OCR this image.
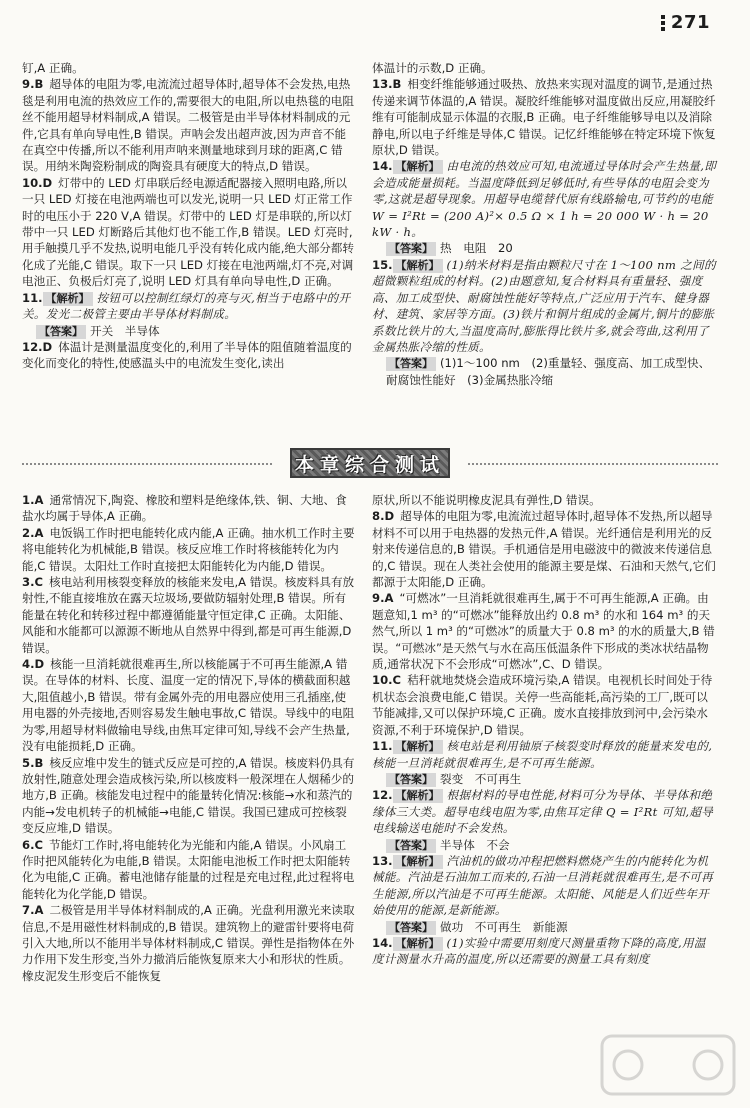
271

钉,A 正确。

9.B 超导体的电阻为零,电流流过超导体时,超导体不会发热,电热毯是利用电流的热效应工作的,需要很大的电阻,所以电热毯的电阻丝不能用超导材料制成,A 错误。二极管是由半导体材料制成的元件,它具有单向导电性,B 错误。声呐会发出超声波,因为声音不能在真空中传播,所以不能利用声呐来测量地球到月球的距离,C 错误。用纳米陶瓷粉制成的陶瓷具有硬度大的特点,D 错误。

10.D 灯带中的 LED 灯串联后经电源适配器接入照明电路,所以一只 LED 灯接在电池两端也可以发光,说明一只 LED 灯正常工作时的电压小于 220 V,A 错误。灯带中的 LED 灯是串联的,所以灯带中一只 LED 灯断路后其他灯也不能工作,B 错误。LED 灯亮时,用手触摸几乎不发热,说明电能几乎没有转化成内能,绝大部分都转化成了光能,C 错误。取下一只 LED 灯接在电池两端,灯不亮,对调电池正、负极后灯亮了,说明 LED 灯具有单向导电性,D 正确。

11. 【解析】 按钮可以控制红绿灯的亮与灭,相当于电路中的开关。发光二极管主要由半导体材料制成。

【答案】 开关　半导体

12.D 体温计是测量温度变化的,利用了半导体的阻值随着温度的变化而变化的特性,使感温头中的电流发生变化,读出

体温计的示数,D 正确。

13.B 相变纤维能够通过吸热、放热来实现对温度的调节,是通过热传递来调节体温的,A 错误。凝胶纤维能够对温度做出反应,用凝胶纤维有可能制成显示体温的衣服,B 正确。电子纤维能够导电以及消除静电,所以电子纤维是导体,C 错误。记忆纤维能够在特定环境下恢复原状,D 错误。

14. 【解析】 由电流的热效应可知,电流通过导体时会产生热量,即会造成能量损耗。当温度降低到足够低时,有些导体的电阻会变为零,这就是超导现象。用超导电缆替代原有线路输电,可节约的电能 W = I²Rt = (200 A)²× 0.5 Ω × 1 h = 20 000 W · h = 20 kW · h。

【答案】 热　电阻　20

15. 【解析】 (1)纳米材料是指由颗粒尺寸在 1～100 nm 之间的超微颗粒组成的材料。(2)由题意知,复合材料具有重量轻、强度高、加工成型快、耐腐蚀性能好等特点,广泛应用于汽车、健身器材、建筑、家居等方面。(3)铁片和铜片组成的金属片,铜片的膨胀系数比铁片的大,当温度高时,膨胀得比铁片多,就会弯曲,这利用了金属热胀冷缩的性质。

【答案】 (1)1～100 nm　(2)重量轻、强度高、加工成型快、耐腐蚀性能好　(3)金属热胀冷缩

本章综合测试

1.A 通常情况下,陶瓷、橡胶和塑料是绝缘体,铁、铜、大地、食盐水均属于导体,A 正确。

2.A 电饭锅工作时把电能转化成内能,A 正确。抽水机工作时主要将电能转化为机械能,B 错误。核反应堆工作时将核能转化为内能,C 错误。太阳灶工作时直接把太阳能转化为内能,D 错误。

3.C 核电站利用核裂变释放的核能来发电,A 错误。核废料具有放射性,不能直接堆放在露天垃圾场,要做防辐射处理,B 错误。所有能量在转化和转移过程中都遵循能量守恒定律,C 正确。太阳能、风能和水能都可以源源不断地从自然界中得到,都是可再生能源,D 错误。

4.D 核能一旦消耗就很难再生,所以核能属于不可再生能源,A 错误。在导体的材料、长度、温度一定的情况下,导体的横截面积越大,阻值越小,B 错误。带有金属外壳的用电器应使用三孔插座,使用电器的外壳接地,否则容易发生触电事故,C 错误。导线中的电阻为零,用超导材料做输电导线,由焦耳定律可知,导线不会产生热量,没有电能损耗,D 正确。

5.B 核反应堆中发生的链式反应是可控的,A 错误。核废料仍具有放射性,随意处理会造成核污染,所以核废料一般深埋在人烟稀少的地方,B 正确。核能发电过程中的能量转化情况:核能→水和蒸汽的内能→发电机转子的机械能→电能,C 错误。我国已建成可控核裂变反应堆,D 错误。

6.C 节能灯工作时,将电能转化为光能和内能,A 错误。小风扇工作时把风能转化为电能,B 错误。太阳能电池板工作时把太阳能转化为电能,C 正确。蓄电池储存能量的过程是充电过程,此过程将电能转化为化学能,D 错误。

7.A 二极管是用半导体材料制成的,A 正确。光盘利用激光来读取信息,不是用磁性材料制成的,B 错误。建筑物上的避雷针要将电荷引入大地,所以不能用半导体材料制成,C 错误。弹性是指物体在外力作用下发生形变,当外力撤消后能恢复原来大小和形状的性质。橡皮泥发生形变后不能恢复

原状,所以不能说明橡皮泥具有弹性,D 错误。

8.D 超导体的电阻为零,电流流过超导体时,超导体不发热,所以超导材料不可以用于电热器的发热元件,A 错误。光纤通信是利用光的反射来传递信息的,B 错误。手机通信是用电磁波中的微波来传递信息的,C 错误。现在人类社会使用的能源主要是煤、石油和天然气,它们都源于太阳能,D 正确。

9.A “可燃冰”一旦消耗就很难再生,属于不可再生能源,A 正确。由题意知,1 m³ 的“可燃冰”能释放出约 0.8 m³ 的水和 164 m³ 的天然气,所以 1 m³ 的“可燃冰”的质量大于 0.8 m³ 的水的质量大,B 错误。“可燃冰”是天然气与水在高压低温条件下形成的类冰状结晶物质,通常状况下不会形成“可燃冰”,C、D 错误。

10.C 秸秆就地焚烧会造成环境污染,A 错误。电视机长时间处于待机状态会浪费电能,C 错误。关停一些高能耗,高污染的工厂,既可以节能减排,又可以保护环境,C 正确。废水直接排放到河中,会污染水资源,不利于环境保护,D 错误。

11. 【解析】 核电站是利用铀原子核裂变时释放的能量来发电的,核能一旦消耗就很难再生,是不可再生能源。

【答案】 裂变　不可再生

12. 【解析】 根据材料的导电性能,材料可分为导体、半导体和绝缘体三大类。超导电线电阻为零,由焦耳定律 Q = I²Rt 可知,超导电线输送电能时不会发热。

【答案】 半导体　不会

13. 【解析】 汽油机的做功冲程把燃料燃烧产生的内能转化为机械能。汽油是石油加工而来的,石油一旦消耗就很难再生,是不可再生能源,所以汽油是不可再生能源。太阳能、风能是人们近些年开始使用的能源,是新能源。

【答案】 做功　不可再生　新能源

14. 【解析】 (1)实验中需要用刻度尺测量重物下降的高度,用温度计测量水升高的温度,所以还需要的测量工具有刻度
